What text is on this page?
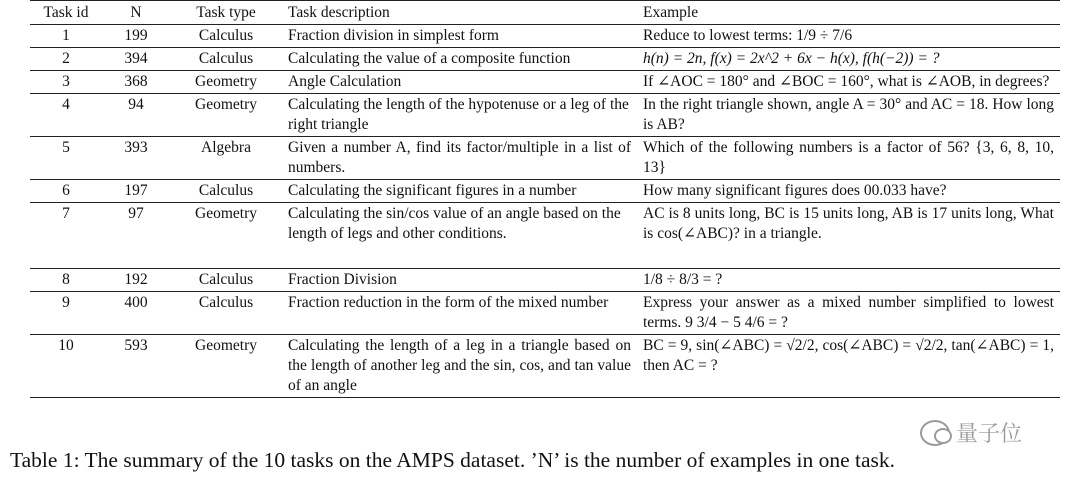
Task id	N	Task type	Task description	Example
1	199	Calculus	Fraction division in simplest form	Reduce to lowest terms: 1/9 ÷ 7/6
2	394	Calculus	Calculating the value of a composite function	h(n) = 2n, f(x) = 2x^2 + 6x − h(x), f(h(−2)) = ?
3	368	Geometry	Angle Calculation	If ∠AOC = 180° and ∠BOC = 160°, what is ∠AOB, in degrees?
4	94	Geometry	Calculating the length of the hypotenuse or a leg of the right triangle	In the right triangle shown, angle A = 30° and AC = 18. How long is AB?
5	393	Algebra	Given a number A, find its factor/multiple in a list of numbers.	Which of the following numbers is a factor of 56? {3, 6, 8, 10, 13}
6	197	Calculus	Calculating the significant figures in a number	How many significant figures does 00.033 have?
7	97	Geometry	Calculating the sin/cos value of an angle based on the length of legs and other conditions.	AC is 8 units long, BC is 15 units long, AB is 17 units long, What is cos(∠ABC)? in a triangle.
8	192	Calculus	Fraction Division	1/8 ÷ 8/3 = ?
9	400	Calculus	Fraction reduction in the form of the mixed number	Express your answer as a mixed number simplified to lowest terms. 9 3/4 − 5 4/6 = ?
10	593	Geometry	Calculating the length of a leg in a triangle based on the length of another leg and the sin, cos, and tan value of an angle	BC = 9, sin(∠ABC) = √2/2, cos(∠ABC) = √2/2, tan(∠ABC) = 1, then AC = ?
量子位
Table 1: The summary of the 10 tasks on the AMPS dataset. ’N’ is the number of examples in one task.
